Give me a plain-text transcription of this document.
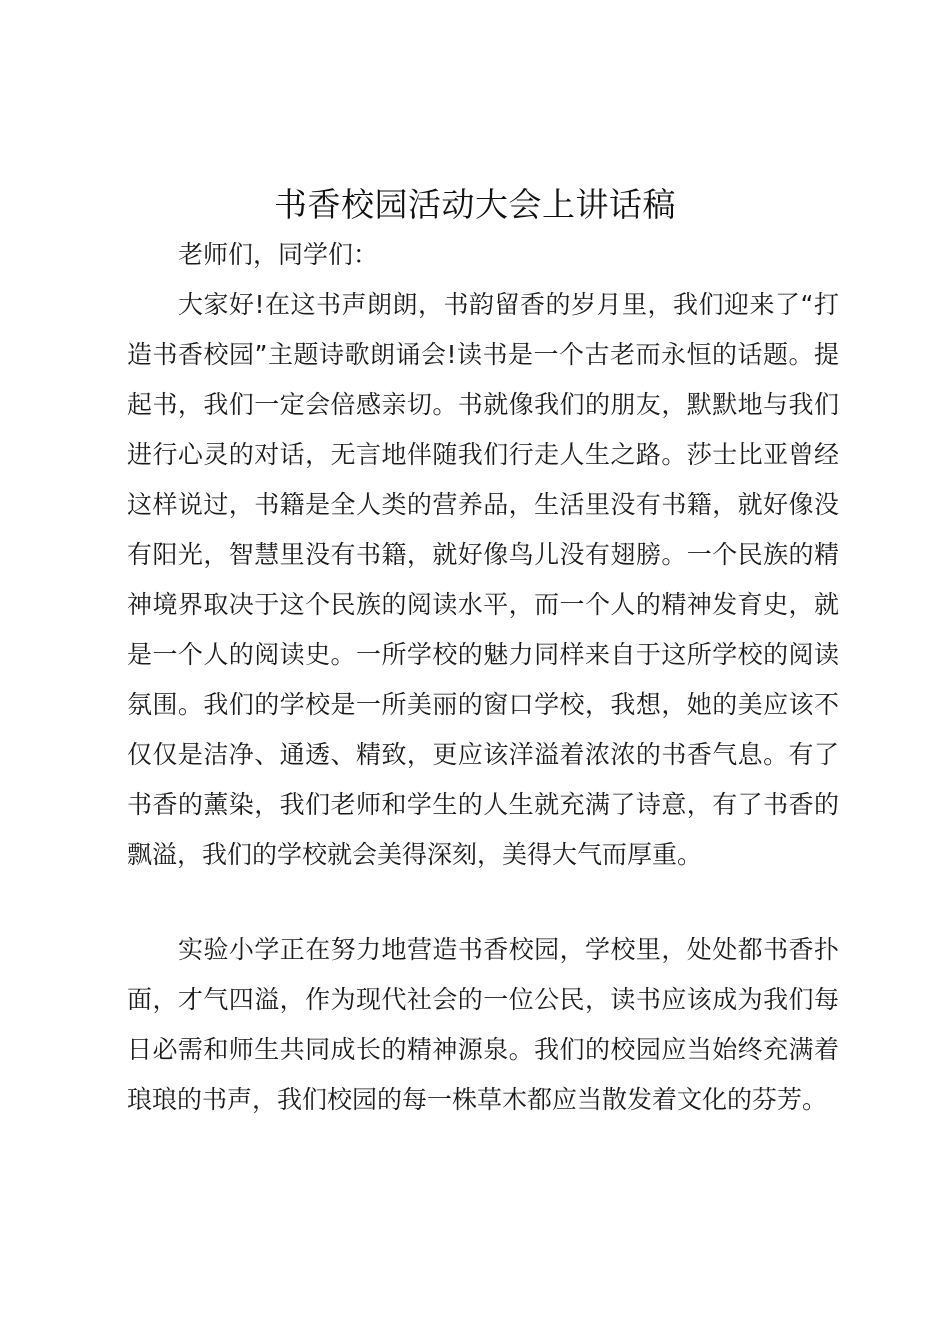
书香校园活动大会上讲话稿

老师们，同学们：

大家好!在这书声朗朗，书韵留香的岁月里，我们迎来了“打造书香校园”主题诗歌朗诵会!读书是一个古老而永恒的话题。提起书，我们一定会倍感亲切。书就像我们的朋友，默默地与我们进行心灵的对话，无言地伴随我们行走人生之路。莎士比亚曾经这样说过，书籍是全人类的营养品，生活里没有书籍，就好像没有阳光，智慧里没有书籍，就好像鸟儿没有翅膀。一个民族的精神境界取决于这个民族的阅读水平，而一个人的精神发育史，就是一个人的阅读史。一所学校的魅力同样来自于这所学校的阅读氛围。我们的学校是一所美丽的窗口学校，我想，她的美应该不仅仅是洁净、通透、精致，更应该洋溢着浓浓的书香气息。有了书香的薰染，我们老师和学生的人生就充满了诗意，有了书香的飘溢，我们的学校就会美得深刻，美得大气而厚重。

实验小学正在努力地营造书香校园，学校里，处处都书香扑面，才气四溢，作为现代社会的一位公民，读书应该成为我们每日必需和师生共同成长的精神源泉。我们的校园应当始终充满着琅琅的书声，我们校园的每一株草木都应当散发着文化的芬芳。
